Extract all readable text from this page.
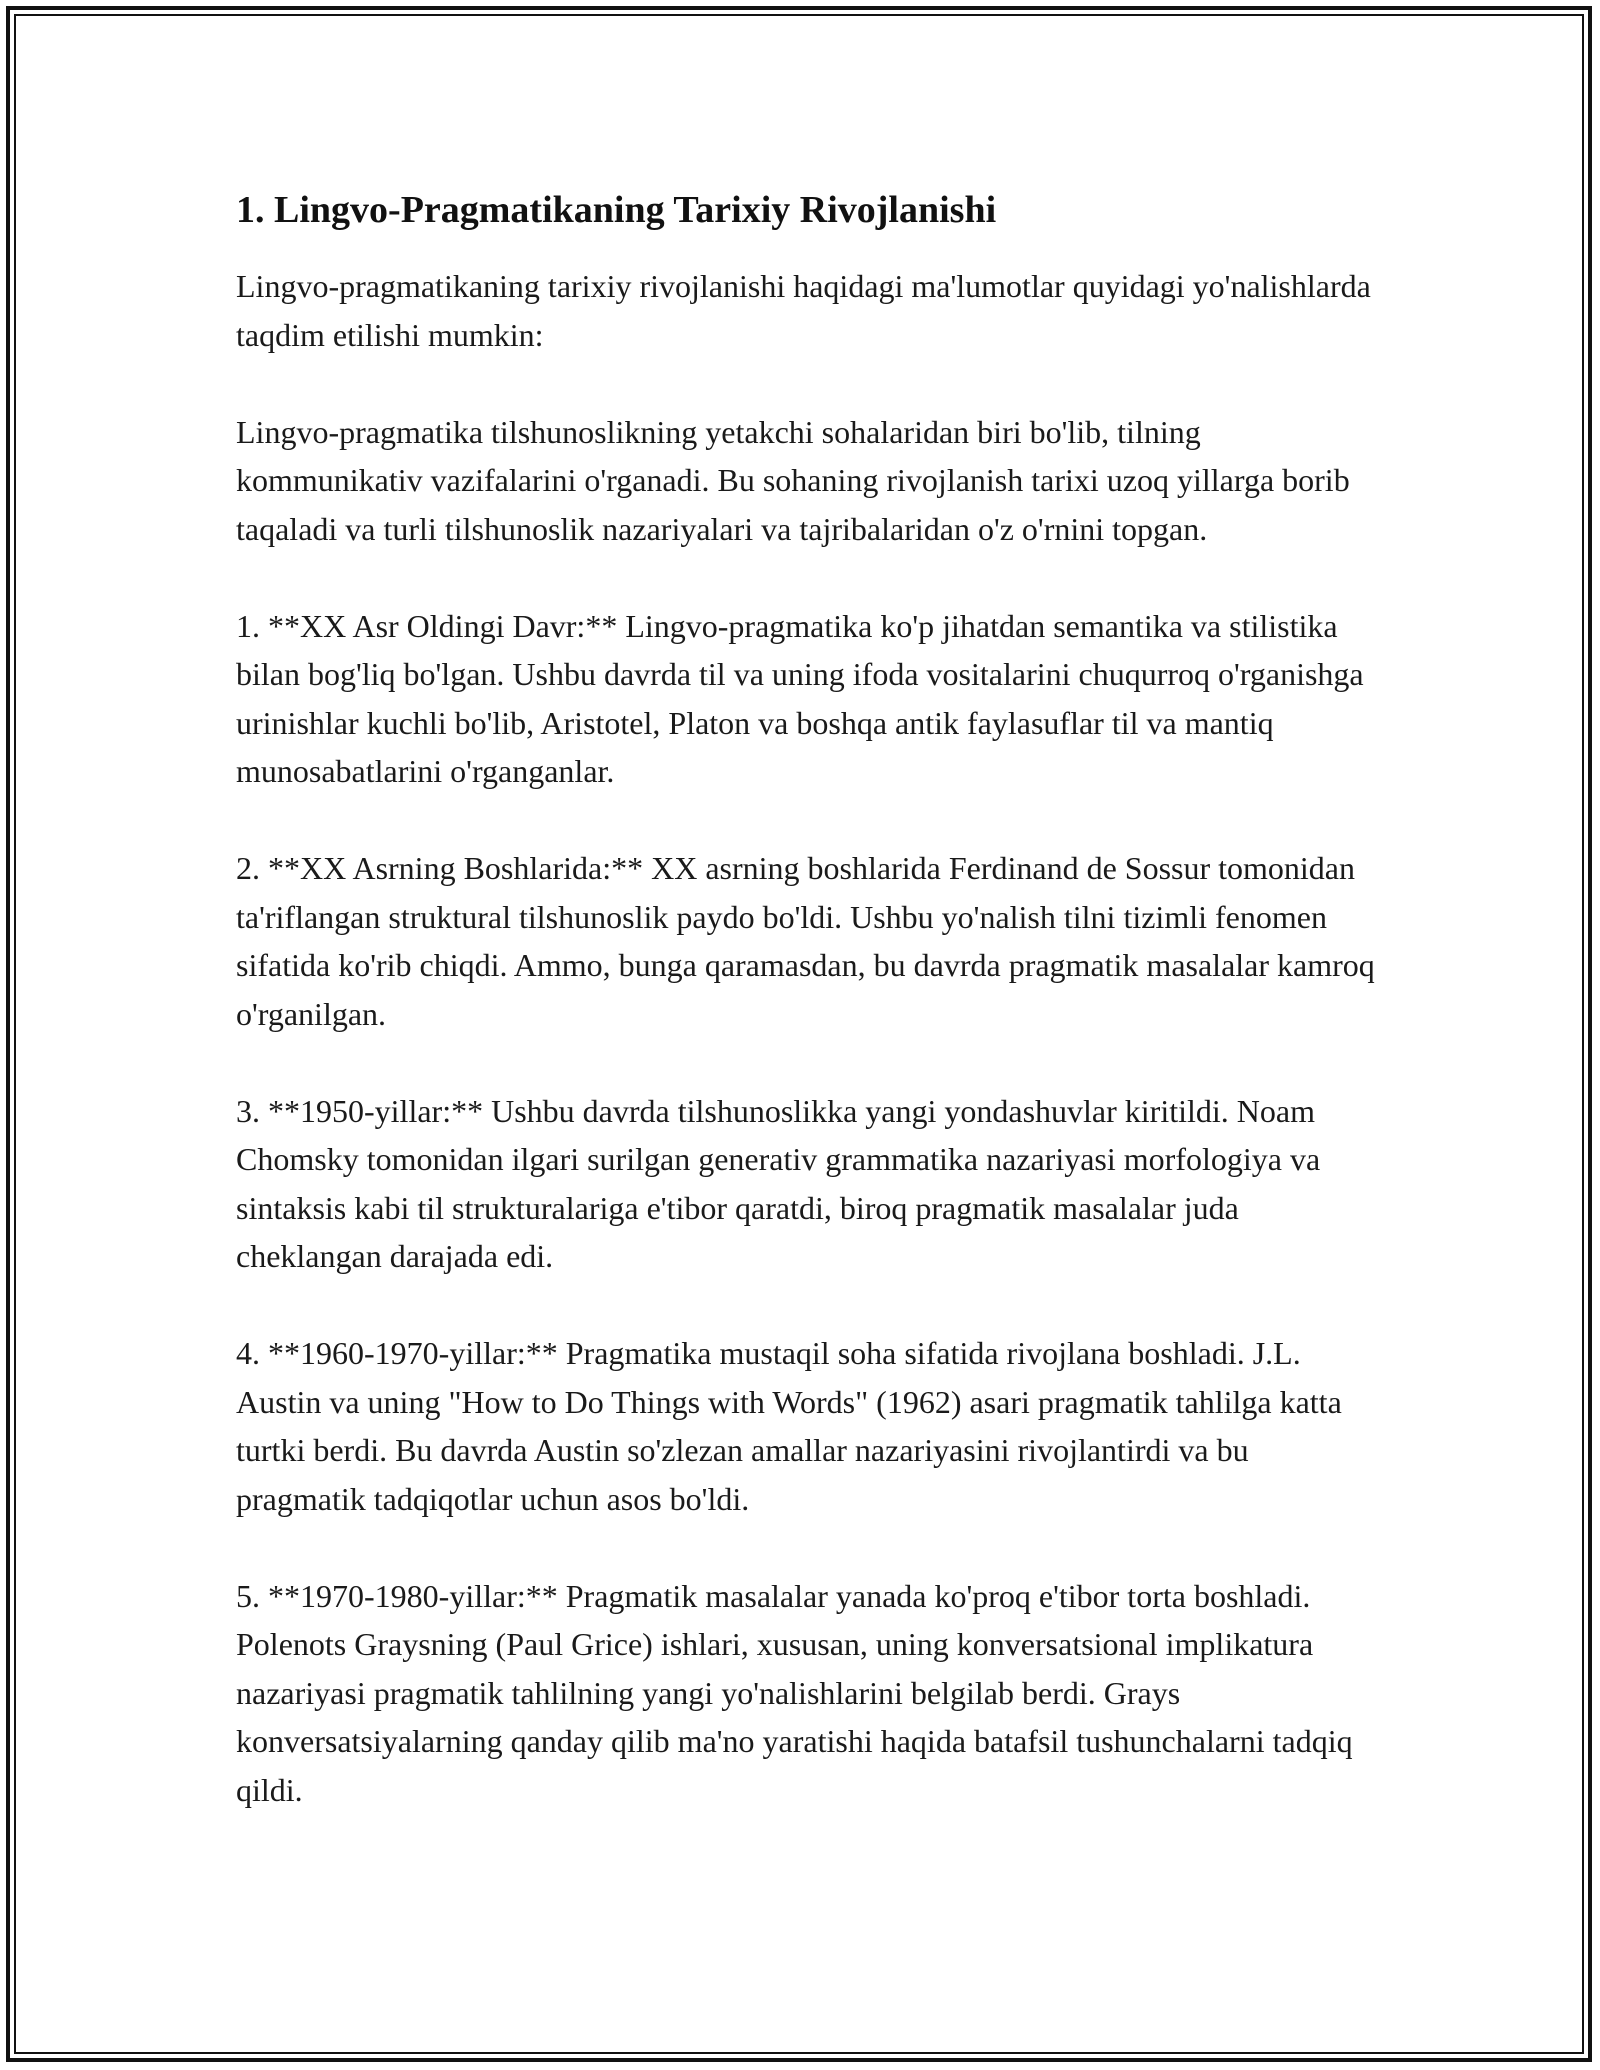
1. Lingvo-Pragmatikaning Tarixiy Rivojlanishi

Lingvo-pragmatikaning tarixiy rivojlanishi haqidagi ma'lumotlar quyidagi yo'nalishlarda taqdim etilishi mumkin:

Lingvo-pragmatika tilshunoslikning yetakchi sohalaridan biri bo'lib, tilning kommunikativ vazifalarini o'rganadi. Bu sohaning rivojlanish tarixi uzoq yillarga borib taqaladi va turli tilshunoslik nazariyalari va tajribalaridan o'z o'rnini topgan.

1. **XX Asr Oldingi Davr:** Lingvo-pragmatika ko'p jihatdan semantika va stilistika bilan bog'liq bo'lgan. Ushbu davrda til va uning ifoda vositalarini chuqurroq o'rganishga urinishlar kuchli bo'lib, Aristotel, Platon va boshqa antik faylasuflar til va mantiq munosabatlarini o'rganganlar.

2. **XX Asrning Boshlarida:** XX asrning boshlarida Ferdinand de Sossur tomonidan ta'riflangan struktural tilshunoslik paydo bo'ldi. Ushbu yo'nalish tilni tizimli fenomen sifatida ko'rib chiqdi. Ammo, bunga qaramasdan, bu davrda pragmatik masalalar kamroq o'rganilgan.

3. **1950-yillar:** Ushbu davrda tilshunoslikka yangi yondashuvlar kiritildi. Noam Chomsky tomonidan ilgari surilgan generativ grammatika nazariyasi morfologiya va sintaksis kabi til strukturalariga e'tibor qaratdi, biroq pragmatik masalalar juda cheklangan darajada edi.

4. **1960-1970-yillar:** Pragmatika mustaqil soha sifatida rivojlana boshladi. J.L. Austin va uning "How to Do Things with Words" (1962) asari pragmatik tahlilga katta turtki berdi. Bu davrda Austin so'zlezan amallar nazariyasini rivojlantirdi va bu pragmatik tadqiqotlar uchun asos bo'ldi.

5. **1970-1980-yillar:** Pragmatik masalalar yanada ko'proq e'tibor torta boshladi. Polenots Graysning (Paul Grice) ishlari, xususan, uning konversatsional implikatura nazariyasi pragmatik tahlilning yangi yo'nalishlarini belgilab berdi. Grays konversatsiyalarning qanday qilib ma'no yaratishi haqida batafsil tushunchalarni tadqiq qildi.
